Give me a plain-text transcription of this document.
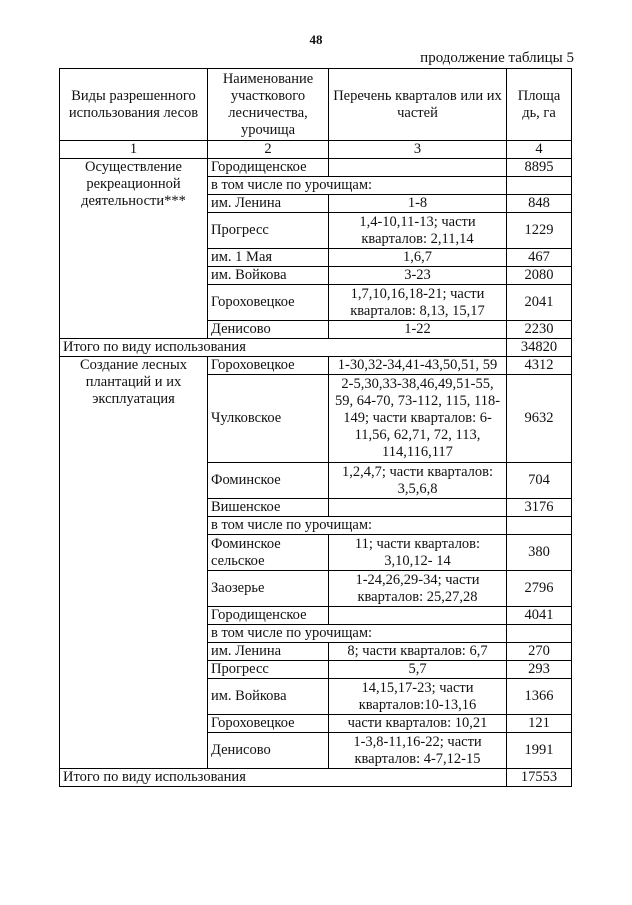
48
продолжение таблицы 5
Виды разрешенного использования лесов	Наименование участкового лесничества, урочища	Перечень кварталов или их частей	Площа дь, га
1	2	3	4
Осуществление рекреационной деятельности***	Городищенское		8895
	в том числе по урочищам:		
	им. Ленина	1-8	848
	Прогресс	1,4-10,11-13; части кварталов: 2,11,14	1229
	им. 1 Мая	1,6,7	467
	им. Войкова	3-23	2080
	Гороховецкое	1,7,10,16,18-21; части кварталов: 8,13, 15,17	2041
	Денисово	1-22	2230
Итого по виду использования			34820
Создание лесных плантаций и их эксплуатация	Гороховецкое	1-30,32-34,41-43,50,51, 59	4312
	Чулковское	2-5,30,33-38,46,49,51-55, 59, 64-70, 73-112, 115, 118-149; части кварталов: 6-11,56, 62,71, 72, 113, 114,116,117	9632
	Фоминское	1,2,4,7; части кварталов: 3,5,6,8	704
	Вишенское		3176
	в том числе по урочищам:		
	Фоминское сельское	11; части кварталов: 3,10,12- 14	380
	Заозерье	1-24,26,29-34; части кварталов: 25,27,28	2796
	Городищенское		4041
	в том числе по урочищам:		
	им. Ленина	8; части кварталов: 6,7	270
	Прогресс	5,7	293
	им. Войкова	14,15,17-23; части кварталов:10-13,16	1366
	Гороховецкое	части кварталов: 10,21	121
	Денисово	1-3,8-11,16-22; части кварталов: 4-7,12-15	1991
Итого по виду использования			17553
